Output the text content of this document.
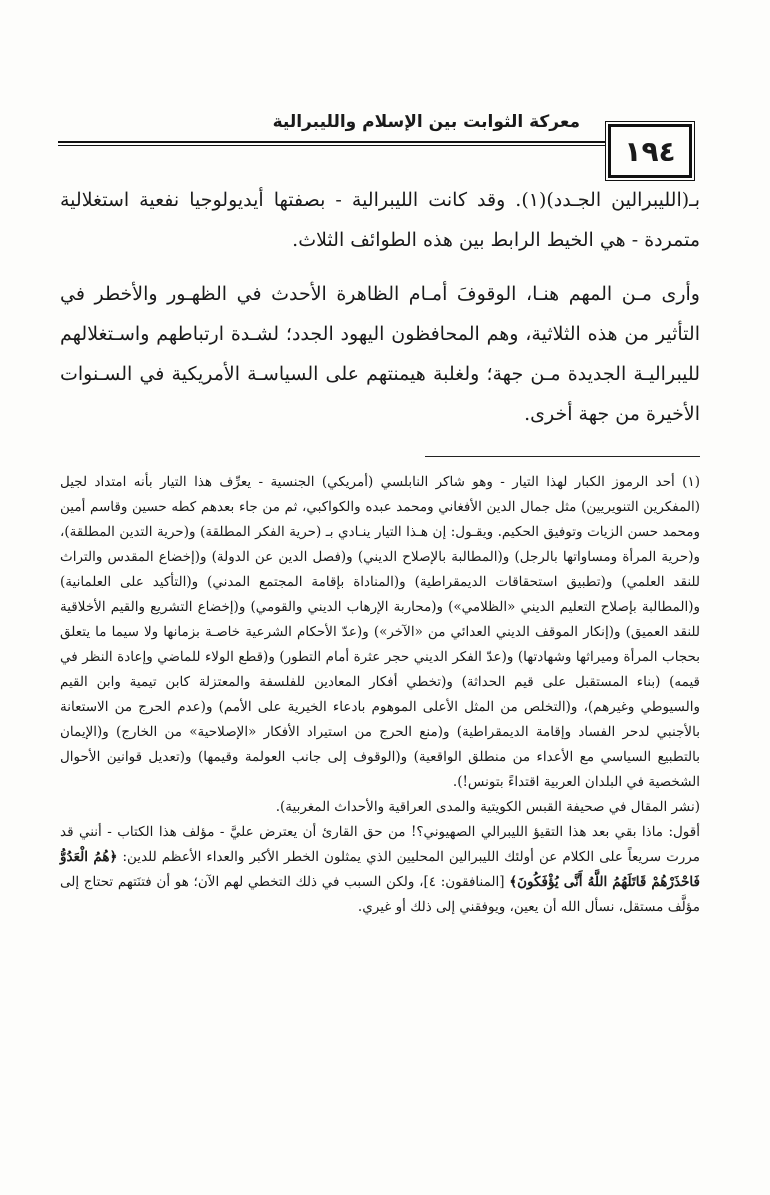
معركة الثوابت بين الإسلام والليبرالية
١٩٤

بـ(الليبرالين الجـدد)(١). وقد كانت الليبرالية - بصفتها أيديولوجيا نفعية استغلالية متمردة - هي الخيط الرابط بين هذه الطوائف الثلاث.

وأرى مـن المهم هنـا، الوقوفَ أمـام الظاهرة الأحدث في الظهـور والأخطر في التأثير من هذه الثلاثية، وهم المحافظون اليهود الجدد؛ لشـدة ارتباطهم واسـتغلالهم لليبراليـة الجديدة مـن جهة؛ ولغلبة هيمنتهم على السياسـة الأمريكية في السـنوات الأخيرة من جهة أخرى.

(١) أحد الرموز الكبار لهذا التيار - وهو شاكر النابلسي (أمريكي) الجنسية - يعرِّف هذا التيار بأنه امتداد لجيل (المفكرين التنويريين) مثل جمال الدين الأفغاني ومحمد عبده والكواكبي، ثم من جاء بعدهم كطه حسين وقاسم أمين ومحمد حسن الزيات وتوفيق الحكيم. ويقـول: إن هـذا التيار ينـادي بـ (حرية الفكر المطلقة) و(حرية التدين المطلقة)، و(حرية المرأة ومساواتها بالرجل) و(المطالبة بالإصلاح الديني) و(فصل الدين عن الدولة) و(إخضاع المقدس والتراث للنقد العلمي) و(تطبيق استحقاقات الديمقراطية) و(المناداة بإقامة المجتمع المدني) و(التأكيد على العلمانية) و(المطالبة بإصلاح التعليم الديني «الظلامي») و(محاربة الإرهاب الديني والقومي) و(إخضاع التشريع والقيم الأخلاقية للنقد العميق) و(إنكار الموقف الديني العدائي من «الآخر») و(عدّ الأحكام الشرعية خاصـة بزمانها ولا سيما ما يتعلق بحجاب المرأة وميراثها وشهادتها) و(عدّ الفكر الديني حجر عثرة أمام التطور) و(قطع الولاء للماضي وإعادة النظر في قيمه) (بناء المستقبل على قيم الحداثة) و(تخطي أفكار المعادين للفلسفة والمعتزلة كابن تيمية وابن القيم والسيوطي وغيرهم)، و(التخلص من المثل الأعلى الموهوم بادعاء الخيرية على الأمم) و(عدم الحرج من الاستعانة بالأجنبي لدحر الفساد وإقامة الديمقراطية) و(منع الحرج من استيراد الأفكار «الإصلاحية» من الخارج) و(الإيمان بالتطبيع السياسي مع الأعداء من منطلق الواقعية) و(الوقوف إلى جانب العولمة وقيمها) و(تعديل قوانين الأحوال الشخصية في البلدان العربية اقتداءً بتونس!).

(نشر المقال في صحيفة القبس الكويتية والمدى العراقية والأحداث المغربية).

أقول: ماذا بقي بعد هذا التقيؤ الليبرالي الصهيوني؟! من حق القارئ أن يعترض عليَّ - مؤلف هذا الكتاب - أنني قد مررت سريعاً على الكلام عن أولئك الليبرالين المحليين الذي يمثلون الخطر الأكبر والعداء الأعظم للدين: ﴿هُمُ الْعَدُوُّ فَاحْذَرْهُمْ قَاتَلَهُمُ اللَّهُ أَنَّى يُؤْفَكُونَ﴾ [المنافقون: ٤]، ولكن السبب في ذلك التخطي لهم الآن؛ هو أن فتنَتهم تحتاج إلى مؤلَّف مستقل، نسأل الله أن يعين، ويوفقني إلى ذلك أو غيري.
